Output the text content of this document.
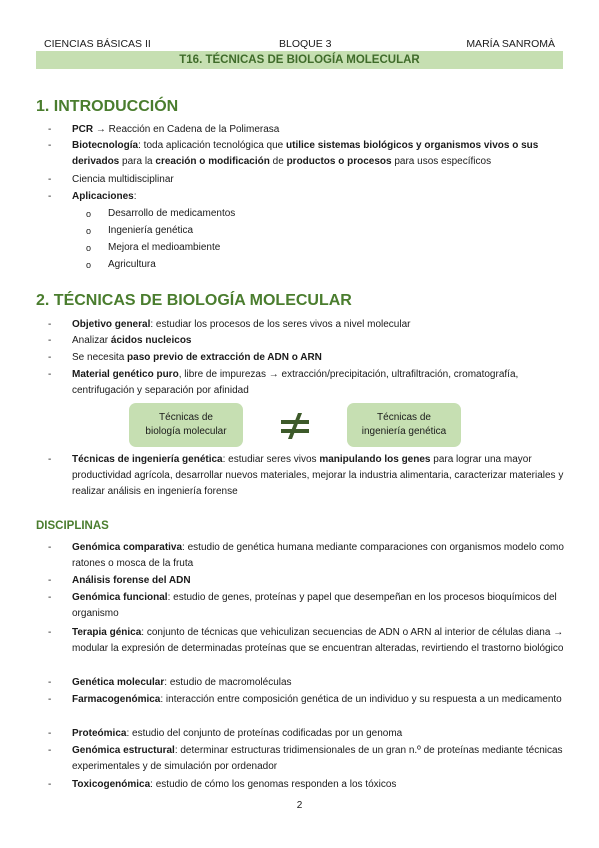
CIENCIAS BÁSICAS II	BLOQUE 3	MARÍA SANROMÀ
T16. TÉCNICAS DE BIOLOGÍA MOLECULAR
1. INTRODUCCIÓN
- PCR → Reacción en Cadena de la Polimerasa
- Biotecnología: toda aplicación tecnológica que utilice sistemas biológicos y organismos vivos o sus derivados para la creación o modificación de productos o procesos para usos específicos
- Ciencia multidisciplinar
- Aplicaciones:
o Desarrollo de medicamentos
o Ingeniería genética
o Mejora el medioambiente
o Agricultura
2. TÉCNICAS DE BIOLOGÍA MOLECULAR
- Objetivo general: estudiar los procesos de los seres vivos a nivel molecular
- Analizar ácidos nucleicos
- Se necesita paso previo de extracción de ADN o ARN
- Material genético puro, libre de impurezas → extracción/precipitación, ultrafiltración, cromatografía, centrifugación y separación por afinidad
Técnicas de
biología molecular
Técnicas de
ingeniería genética
- Técnicas de ingeniería genética: estudiar seres vivos manipulando los genes para lograr una mayor productividad agrícola, desarrollar nuevos materiales, mejorar la industria alimentaria, caracterizar materiales y realizar análisis en ingeniería forense
DISCIPLINAS
- Genómica comparativa: estudio de genética humana mediante comparaciones con organismos modelo como ratones o mosca de la fruta
- Análisis forense del ADN
- Genómica funcional: estudio de genes, proteínas y papel que desempeñan en los procesos bioquímicos del organismo
- Terapia génica: conjunto de técnicas que vehiculizan secuencias de ADN o ARN al interior de células diana → modular la expresión de determinadas proteínas que se encuentran alteradas, revirtiendo el trastorno biológico
- Genética molecular: estudio de macromoléculas
- Farmacogenómica: interacción entre composición genética de un individuo y su respuesta a un medicamento
- Proteómica: estudio del conjunto de proteínas codificadas por un genoma
- Genómica estructural: determinar estructuras tridimensionales de un gran n.º de proteínas mediante técnicas experimentales y de simulación por ordenador
- Toxicogenómica: estudio de cómo los genomas responden a los tóxicos
2
